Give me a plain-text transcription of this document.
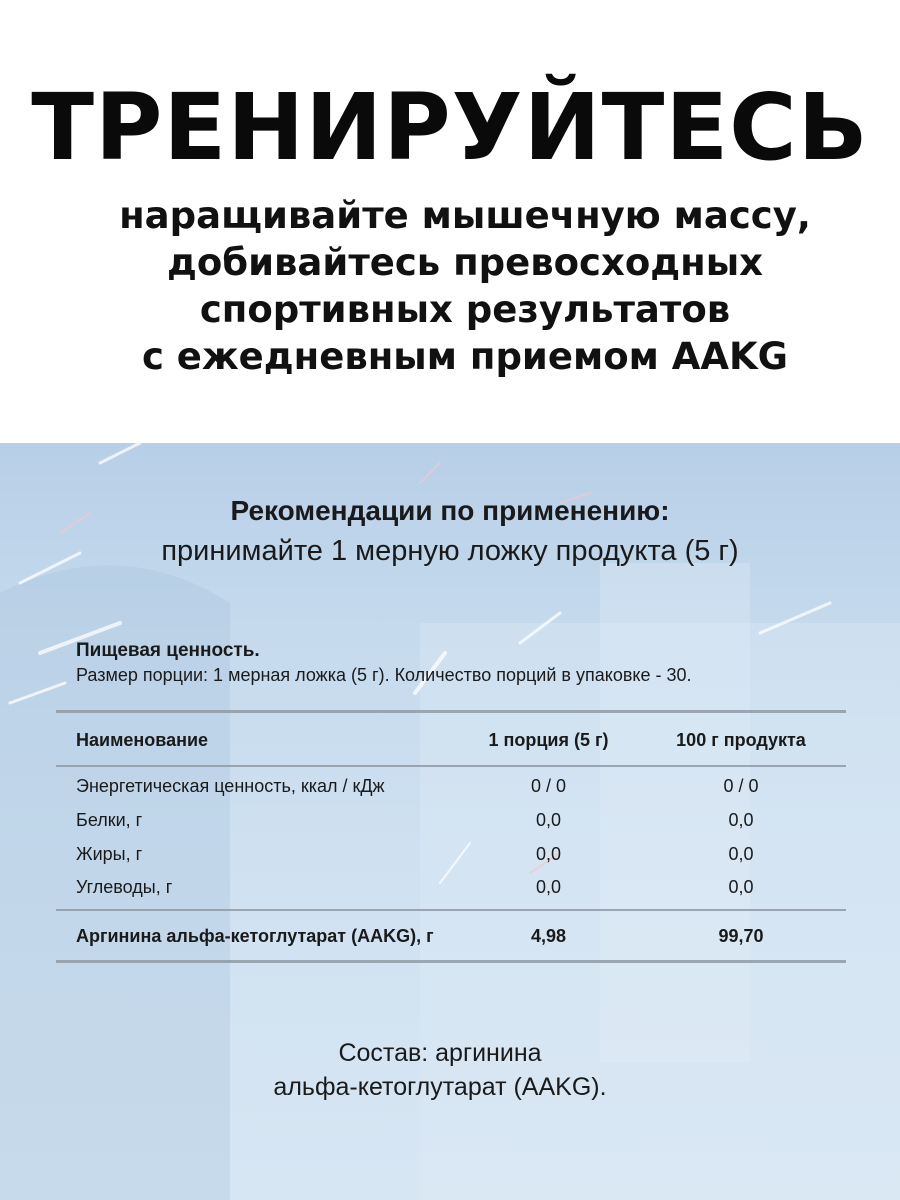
ТРЕНИРУЙТЕСЬ
наращивайте мышечную массу,
добивайтесь превосходных
спортивных результатов
с ежедневным приемом AAKG
Рекомендации по применению:
принимайте 1 мерную ложку продукта (5 г)
Пищевая ценность.
Размер порции: 1 мерная ложка (5 г). Количество порций в упаковке - 30.
Наименование	1 порция (5 г)	100 г продукта
Энергетическая ценность, ккал / кДж	0 / 0	0 / 0
Белки, г	0,0	0,0
Жиры, г	0,0	0,0
Углеводы, г	0,0	0,0
Аргинина альфа-кетоглутарат (AAKG), г	4,98	99,70
Состав: аргинина
альфа-кетоглутарат (AAKG).
